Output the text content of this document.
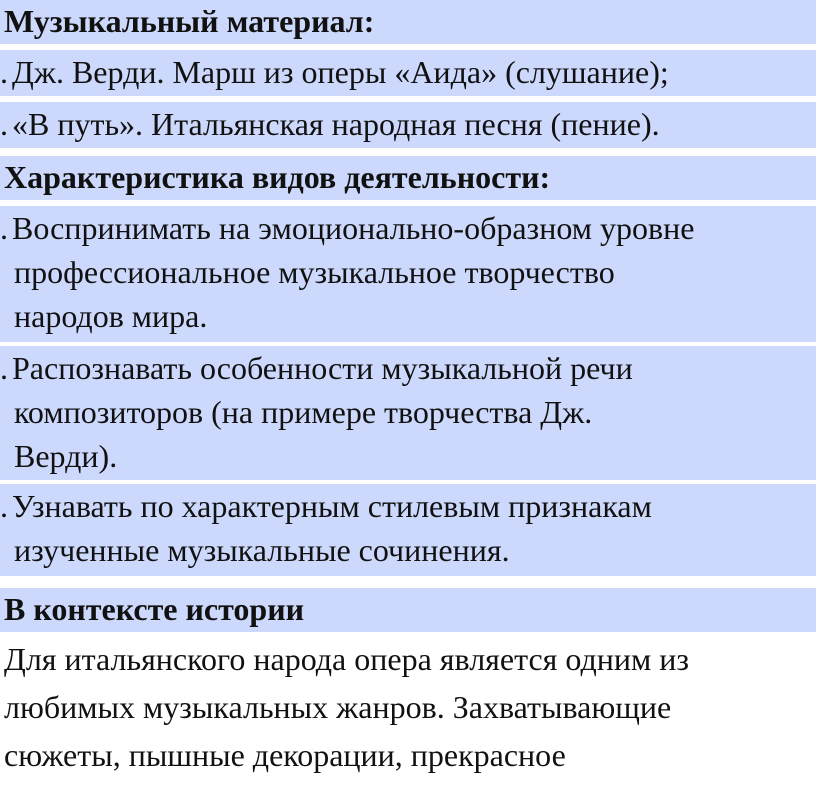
Музыкальный материал:
. Дж. Верди. Марш из оперы «Аида» (слушание);
. «В путь». Итальянская народная песня (пение).
Характеристика видов деятельности:
. Воспринимать на эмоционально-образном уровне
профессиональное музыкальное творчество
народов мира.
. Распознавать особенности музыкальной речи
композиторов (на примере творчества Дж.
Верди).
. Узнавать по характерным стилевым признакам
изученные музыкальные сочинения.
В контексте истории
Для итальянского народа опера является одним из
любимых музыкальных жанров. Захватывающие
сюжеты, пышные декорации, прекрасное
